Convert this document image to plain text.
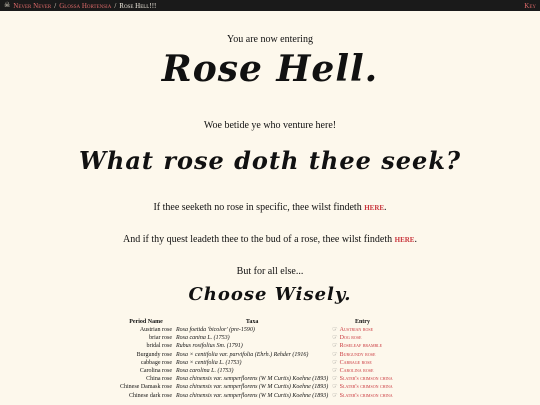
☠ Never Never / Glossa Hortensia / Rose Hell!!!	Key
You are now entering
Rose Hell.
Woe betide ye who venture here!
What rose doth thee seek?
If thee seeketh no rose in specific, thee wilst findeth here.
And if thy quest leadeth thee to the bud of a rose, thee wilst findeth here.
But for all else...
Choose Wisely.
Period Name	Taxa	Entry
Austrian rose	Rosa foetida 'bicolor' (pre-1590)	☞ Austrian rose
briar rose	Rosa canina L. (1753)	☞ Dog rose
bridal rose	Rubus rosifolius Sm. (1791)	☞ Roseleaf bramble
Burgundy rose	Rosa × centifolia var. parvifolia (Ehrh.) Rehder (1916)	☞ Burgundy rose
cabbage rose	Rosa × centifolia L. (1753)	☞ Cabbage rose
Carolina rose	Rosa carolina L. (1753)	☞ Carolina rose
China rose	Rosa chinensis var. semperflorens (W M Curtis) Koehne (1893)	☞ Slater's crimson china
Chinese Damask rose	Rosa chinensis var. semperflorens (W M Curtis) Koehne (1893)	☞ Slater's crimson china
Chinese dark rose	Rosa chinensis var. semperflorens (W M Curtis) Koehne (1893)	☞ Slater's crimson china
